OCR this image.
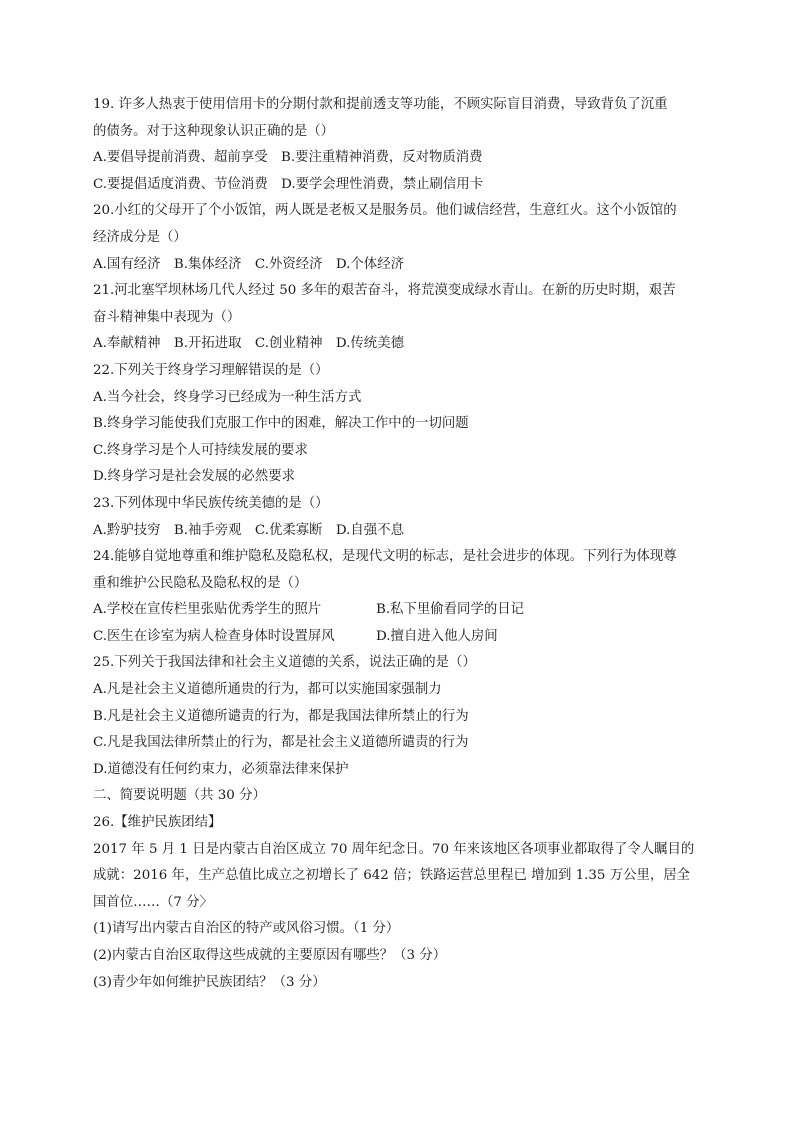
19. 许多人热衷于使用信用卡的分期付款和提前透支等功能，不顾实际盲目消费，导致背负了沉重
的债务。对于这种现象认识正确的是（）
A.要倡导提前消费、超前享受　B.要注重精神消费，反对物质消费
C.要提倡适度消费、节俭消费　D.要学会理性消费，禁止刷信用卡
20.小红的父母开了个小饭馆，两人既是老板又是服务员。他们诚信经营，生意红火。这个小饭馆的
经济成分是（）
A.国有经济　B.集体经济　C.外资经济　D.个体经济
21.河北塞罕坝林场几代人经过 50 多年的艰苦奋斗，将荒漠变成绿水青山。在新的历史时期，艰苦
奋斗精神集中表现为（）
A.奉献精神　B.开拓进取　C.创业精神　D.传统美德
22.下列关于终身学习理解错误的是（）
A.当今社会，终身学习已经成为一种生活方式
B.终身学习能使我们克服工作中的困难，解决工作中的一切问题
C.终身学习是个人可持续发展的要求
D.终身学习是社会发展的必然要求
23.下列体现中华民族传统美德的是（）
A.黔驴技穷　B.袖手旁观　C.优柔寡断　D.自强不息
24.能够自觉地尊重和维护隐私及隐私权，是现代文明的标志，是社会进步的体现。下列行为体现尊
重和维护公民隐私及隐私权的是（）
A.学校在宣传栏里张贴优秀学生的照片	B.私下里偷看同学的日记
C.医生在诊室为病人检查身体时设置屏风	D.擅自进入他人房间
25.下列关于我国法律和社会主义道德的关系，说法正确的是（）
A.凡是社会主义道德所通贵的行为，都可以实施国家强制力
B.凡是社会主义道德所谴责的行为，都是我国法律所禁止的行为
C.凡是我国法律所禁止的行为，都是社会主义道德所谴责的行为
D.道德没有任何约束力，必须靠法律来保护
二、简要说明题（共 30 分）
26.【维护民族团结】
2017 年 5 月 1 日是内蒙古自治区成立 70 周年纪念日。70 年来该地区各项事业都取得了令人瞩目的
成就：2016 年，生产总值比成立之初增长了 642 倍；铁路运营总里程已 增加到 1.35 万公里，居全
国首位……（7 分〉
(1)请写出内蒙古自治区的特产或风俗习惯。（1 分）
(2)内蒙古自治区取得这些成就的主要原因有哪些？（3 分）
(3)青少年如何维护民族团结？（3 分）
